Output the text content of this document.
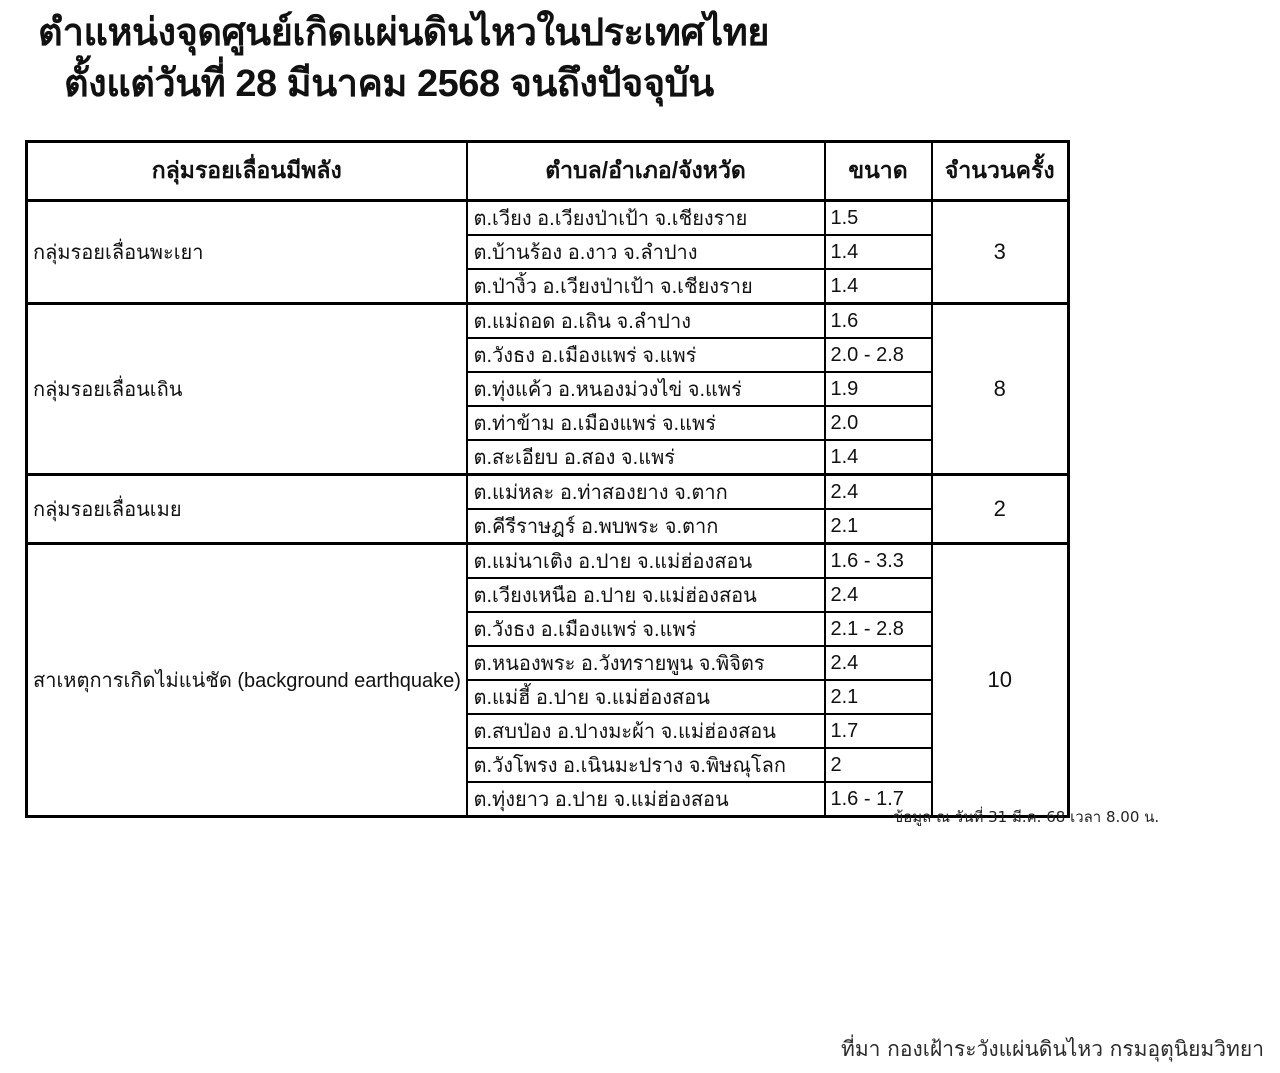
ตำแหน่งจุดศูนย์เกิดแผ่นดินไหวในประเทศไทย
ตั้งแต่วันที่ 28 มีนาคม 2568 จนถึงปัจจุบัน
กลุ่มรอยเลื่อนมีพลัง	ตำบล/อำเภอ/จังหวัด	ขนาด	จำนวนครั้ง
กลุ่มรอยเลื่อนพะเยา	ต.เวียง อ.เวียงป่าเป้า จ.เชียงราย	1.5	3
	ต.บ้านร้อง อ.งาว จ.ลำปาง	1.4	
	ต.ป่างิ้ว อ.เวียงป่าเป้า จ.เชียงราย	1.4	
กลุ่มรอยเลื่อนเถิน	ต.แม่ถอด อ.เถิน จ.ลำปาง	1.6	8
	ต.วังธง อ.เมืองแพร่ จ.แพร่	2.0 - 2.8	
	ต.ทุ่งแค้ว อ.หนองม่วงไข่ จ.แพร่	1.9	
	ต.ท่าข้าม อ.เมืองแพร่ จ.แพร่	2.0	
	ต.สะเอียบ อ.สอง จ.แพร่	1.4	
กลุ่มรอยเลื่อนเมย	ต.แม่หละ อ.ท่าสองยาง จ.ตาก	2.4	2
	ต.คีรีราษฎร์ อ.พบพระ จ.ตาก	2.1	
สาเหตุการเกิดไม่แน่ชัด (background earthquake)	ต.แม่นาเติง อ.ปาย จ.แม่ฮ่องสอน	1.6 - 3.3	10
	ต.เวียงเหนือ อ.ปาย จ.แม่ฮ่องสอน	2.4	
	ต.วังธง อ.เมืองแพร่ จ.แพร่	2.1 - 2.8	
	ต.หนองพระ อ.วังทรายพูน จ.พิจิตร	2.4	
	ต.แม่ฮี้ อ.ปาย จ.แม่ฮ่องสอน	2.1	
	ต.สบป่อง อ.ปางมะผ้า จ.แม่ฮ่องสอน	1.7	
	ต.วังโพรง อ.เนินมะปราง จ.พิษณุโลก	2	
	ต.ทุ่งยาว อ.ปาย จ.แม่ฮ่องสอน	1.6 - 1.7	
ข้อมูล ณ วันที่ 31 มี.ค. 68 เวลา 8.00 น.
ที่มา กองเฝ้าระวังแผ่นดินไหว กรมอุตุนิยมวิทยา
